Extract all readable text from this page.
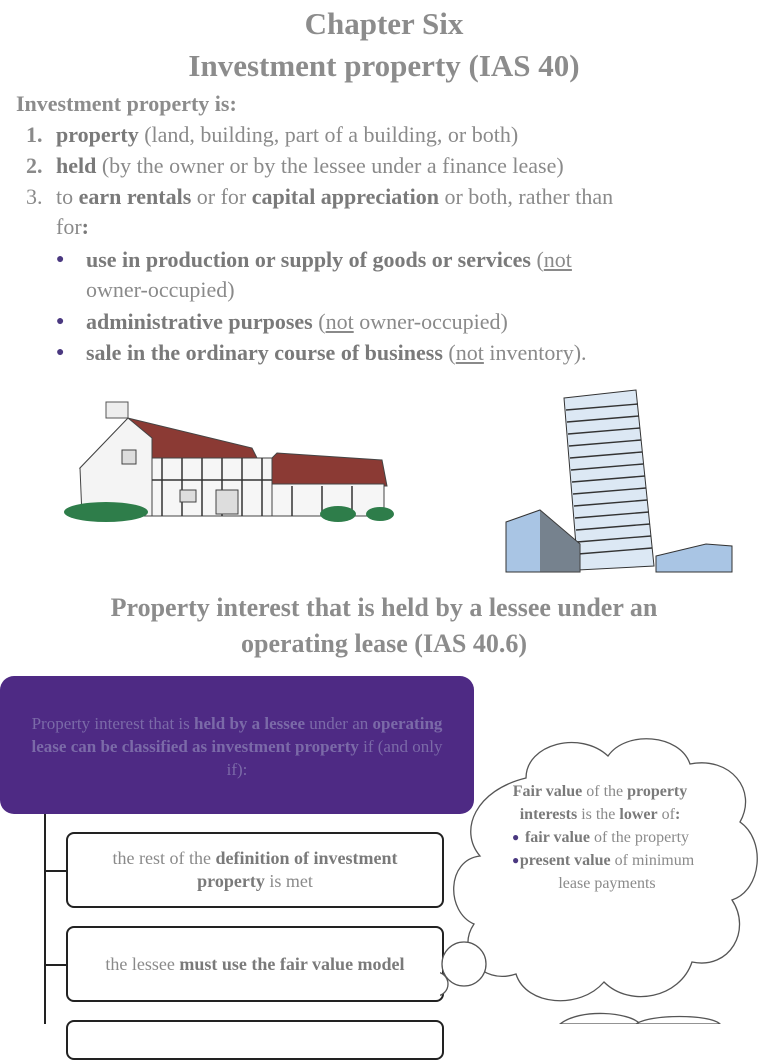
Chapter Six
Investment property (IAS 40)
Investment property is:
1. property (land, building, part of a building, or both)
2. held (by the owner or by the lessee under a finance lease)
3. to earn rentals or for capital appreciation or both, rather than
for:
● use in production or supply of goods or services (not
owner-occupied)
● administrative purposes (not owner-occupied)
● sale in the ordinary course of business (not inventory).
Property interest that is held by a lessee under an
operating lease (IAS 40.6)
Property interest that is held by a lessee under an operating lease can be classified as investment property if (and only if):
the rest of the definition of investment property is met
the lessee must use the fair value model
Fair value of the property interests is the lower of:
● fair value of the property
● present value of minimum lease payments
